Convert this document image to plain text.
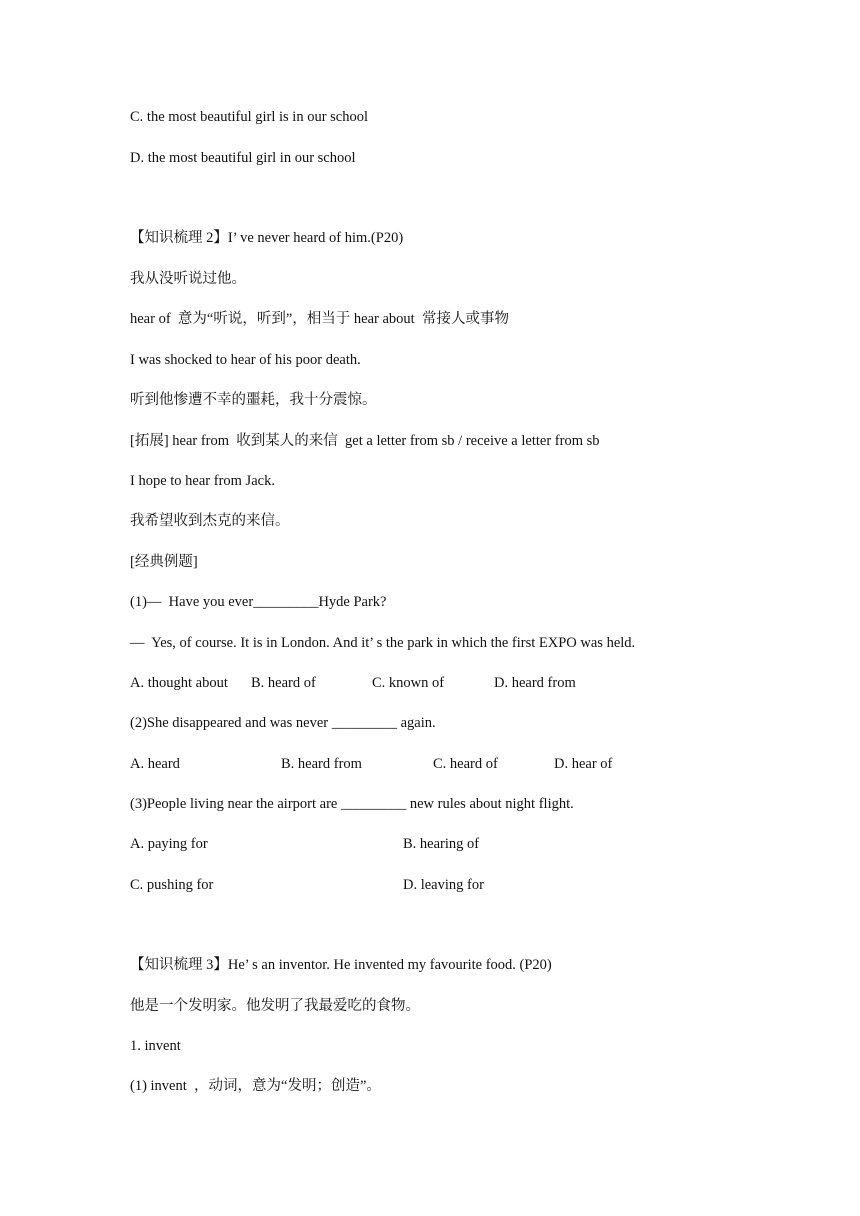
C. the most beautiful girl is in our school

D. the most beautiful girl in our school

【知识梳理 2】I’ ve never heard of him.(P20)

我从没听说过他。

hear of  意为“听说，听到”，相当于 hear about  常接人或事物

I was shocked to hear of his poor death.

听到他惨遭不幸的噩耗，我十分震惊。

[拓展] hear from  收到某人的来信  get a letter from sb / receive a letter from sb

I hope to hear from Jack.

我希望收到杰克的来信。

[经典例题]

(1)—  Have you ever_________Hyde Park?

—  Yes, of course. It is in London. And it’ s the park in which the first EXPO was held.

A. thought about B. heard of	C. known of	D. heard from

(2)She disappeared and was never _________ again.

A. heard	B. heard from	C. heard of	D. hear of

(3)People living near the airport are _________ new rules about night flight.

A. paying for	B. hearing of
C. pushing for	D. leaving for

【知识梳理 3】He’ s an inventor. He invented my favourite food. (P20)

他是一个发明家。他发明了我最爱吃的食物。

1. invent

(1) invent  ，动词，意为“发明；创造”。
